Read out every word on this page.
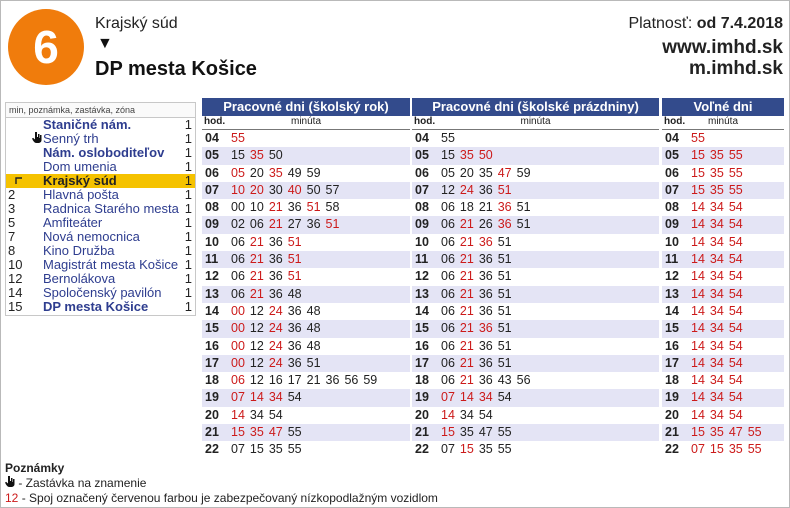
6	Krajský súd
▼
DP mesta Košice
Platnosť: od 7.4.2018
www.imhd.sk
m.imhd.sk
min, poznámka, zastávka, zóna
Staničné nám.	1
Senný trh	1
Nám. osloboditeľov 1
Dom umenia	1
Krajský súd	1
2	Hlavná pošta	1
3	Radnica Starého mesta 1
5	Amfiteáter	1
7	Nová nemocnica	1
8	Kino Družba	1
10	Magistrát mesta Košice 1
12	Bernolákova	1
14	Spoločenský pavilón 1
15	DP mesta Košice	1
Pracovné dni (školský rok)
hod.	minúta
04 55
05 15 35 50
06 05 20 35 49 59
07 10 20 30 40 50 57
08 00 10 21 36 51 58
09 02 06 21 27 36 51
10 06 21 36 51
11	06 21 36 51
12 06 21 36 51
13 06 21 36 48
14 00 12 24 36 48
15 00 12 24 36 48
16 00 12 24 36 48
17 00 12 24 36 51
18 06 12 16 17 21 36 56 59
19 07 14 34 54
20 14 34 54
21 15 35 47 55
22 07 15 35 55
Pracovné dni (školské prázdniny)
hod.	minúta
04 55
05 15 35 50
06 05 20 35 47 59
07 12 24 36 51
08 06 18 21 36 51
09 06 21 26 36 51
10 06 21 36 51
11	06 21 36 51
12 06 21 36 51
13 06 21 36 51
14 06 21 36 51
15 06 21 36 51
16 06 21 36 51
17 06 21 36 51
18 06 21 36 43 56
19 07 14 34 54
20 14 34 54
21 15 35 47 55
22 07 15 35 55
Voľné dni
hod.	minúta
04 55
05 15 35 55
06 15 35 55
07 15 35 55
08 14 34 54
09 14 34 54
10 14 34 54
11	14 34 54
12 14 34 54
13 14 34 54
14 14 34 54
15 14 34 54
16 14 34 54
17 14 34 54
18 14 34 54
19 14 34 54
20 14 34 54
21 15 35 47 55
22 07 15 35 55
Poznámky
- Zastávka na znamenie
12 - Spoj označený červenou farbou je zabezpečovaný nízkopodlažným vozidlom
